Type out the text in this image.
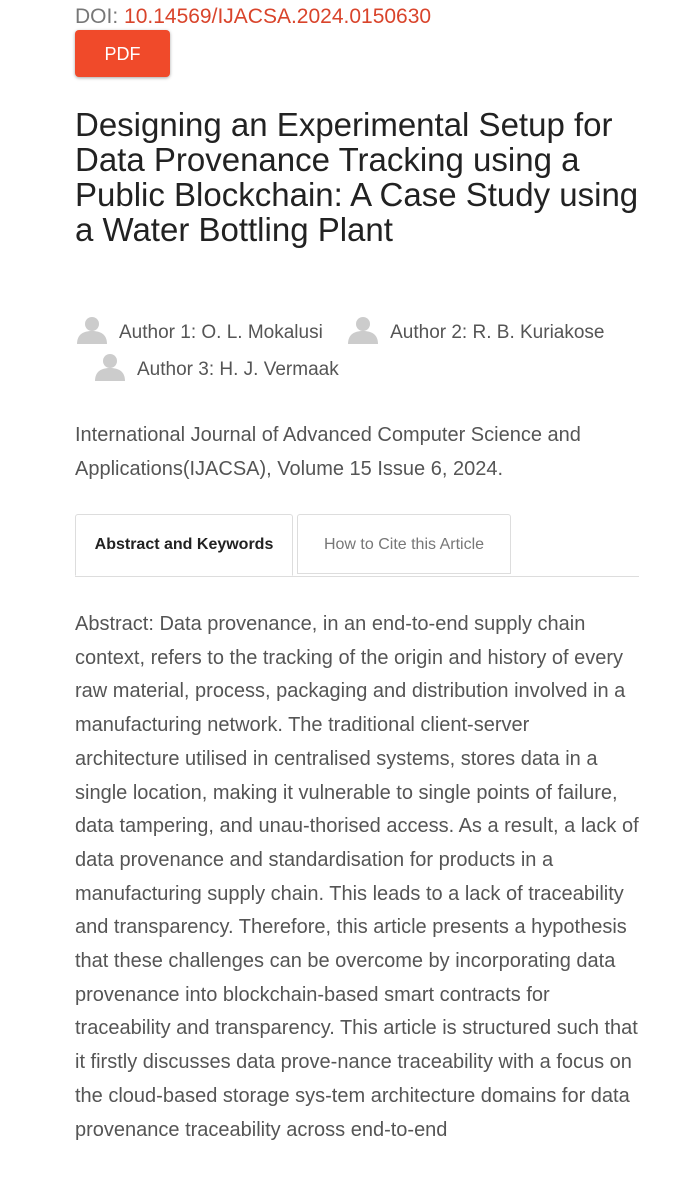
DOI: 10.14569/IJACSA.2024.0150630
PDF
Designing an Experimental Setup for Data Provenance Tracking using a Public Blockchain: A Case Study using a Water Bottling Plant
Author 1: O. L. Mokalusi	Author 2: R. B. Kuriakose Author 3: H. J. Vermaak
International Journal of Advanced Computer Science and Applications(IJACSA), Volume 15 Issue 6, 2024.
Abstract and Keywords	How to Cite this Article

Abstract: Data provenance, in an end-to-end supply chain context, refers to the tracking of the origin and history of every raw material, process, packaging and distribution involved in a manufacturing network. The traditional client-server architecture utilised in centralised systems, stores data in a single location, making it vulnerable to single points of failure, data tampering, and unau-thorised access. As a result, a lack of data provenance and standardisation for products in a manufacturing supply chain. This leads to a lack of traceability and transparency. Therefore, this article presents a hypothesis that these challenges can be overcome by incorporating data provenance into blockchain-based smart contracts for traceability and transparency. This article is structured such that it firstly discusses data prove-nance traceability with a focus on the cloud-based storage sys-tem architecture domains for data provenance traceability across end-to-end
